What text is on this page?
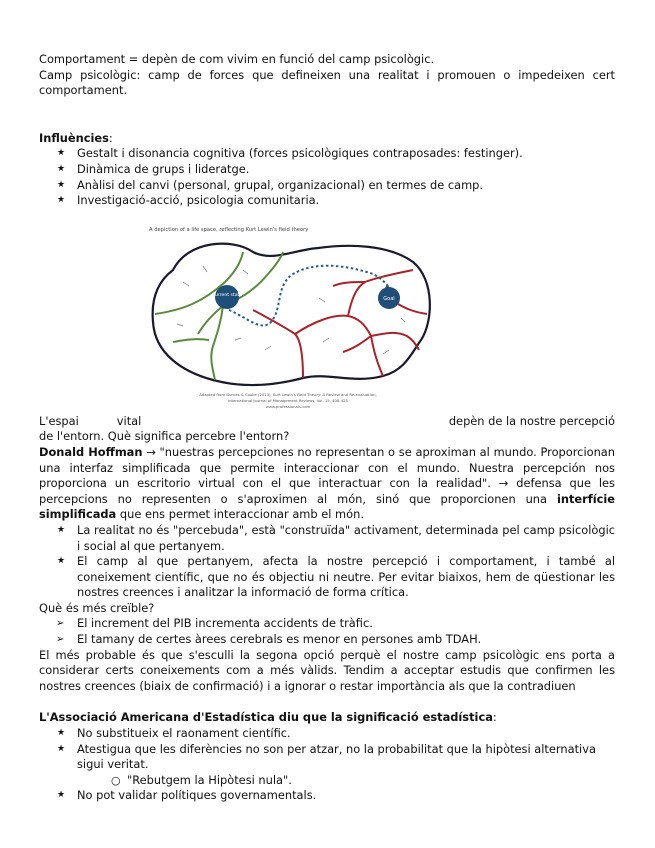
Comportament = depèn de com vivim en funció del camp psicològic.

Camp psicològic: camp de forces que defineixen una realitat i promouen o impedeixen cert comportament.

Influències:

★ Gestalt i disonancia cognitiva (forces psicològiques contraposades: festinger).
★ Dinàmica de grups i lideratge.
★ Anàlisi del canvi (personal, grupal, organizacional) en termes de camp.
★ Investigació-acció, psicologia comunitaria.
A depiction of a life space, reflecting Kurt Lewin's field theory
Current state
Goal
Adapted from Burnes & Cooke (2013), Kurt Lewin's Field Theory: A Review and Re-evaluation,
International Journal of Management Reviews, Vol. 15, 408-425
www.professionals.com

L'espai	vital	depèn de la nostre percepció

de l'entorn. Què significa percebre l'entorn?

Donald Hoffman → "nuestras percepciones no representan o se aproximan al mundo. Proporcionan una interfaz simplificada que permite interaccionar con el mundo. Nuestra percepción nos proporciona un escritorio virtual con el que interactuar con la realidad". → defensa que les percepcions no representen o s'aproximen al món, sinó que proporcionen una interfície simplificada que ens permet interaccionar amb el món.

★ La realitat no és "percebuda", està "construïda" activament, determinada pel camp psicològic i social al que pertanyem.
★ El camp al que pertanyem, afecta la nostre percepció i comportament, i també al coneixement científic, que no és objectiu ni neutre. Per evitar biaixos, hem de qüestionar les nostres creences i analitzar la informació de forma crítica.

Què és més creïble?

➢ El increment del PIB incrementa accidents de tràfic.
➢ El tamany de certes àrees cerebrals es menor en persones amb TDAH.

El més probable és que s'esculli la segona opció perquè el nostre camp psicològic ens porta a considerar certs coneixements com a més vàlids. Tendim a acceptar estudis que confirmen les nostres creences (biaix de confirmació) i a ignorar o restar importància als que la contradiuen

L'Associació Americana d'Estadística diu que la significació estadística:

★ No substitueix el raonament científic.
★ Atestigua que les diferències no son per atzar, no la probabilitat que la hipòtesi alternativa sigui veritat.
○ "Rebutgem la Hipòtesi nula".
★ No pot validar polítiques governamentals.
